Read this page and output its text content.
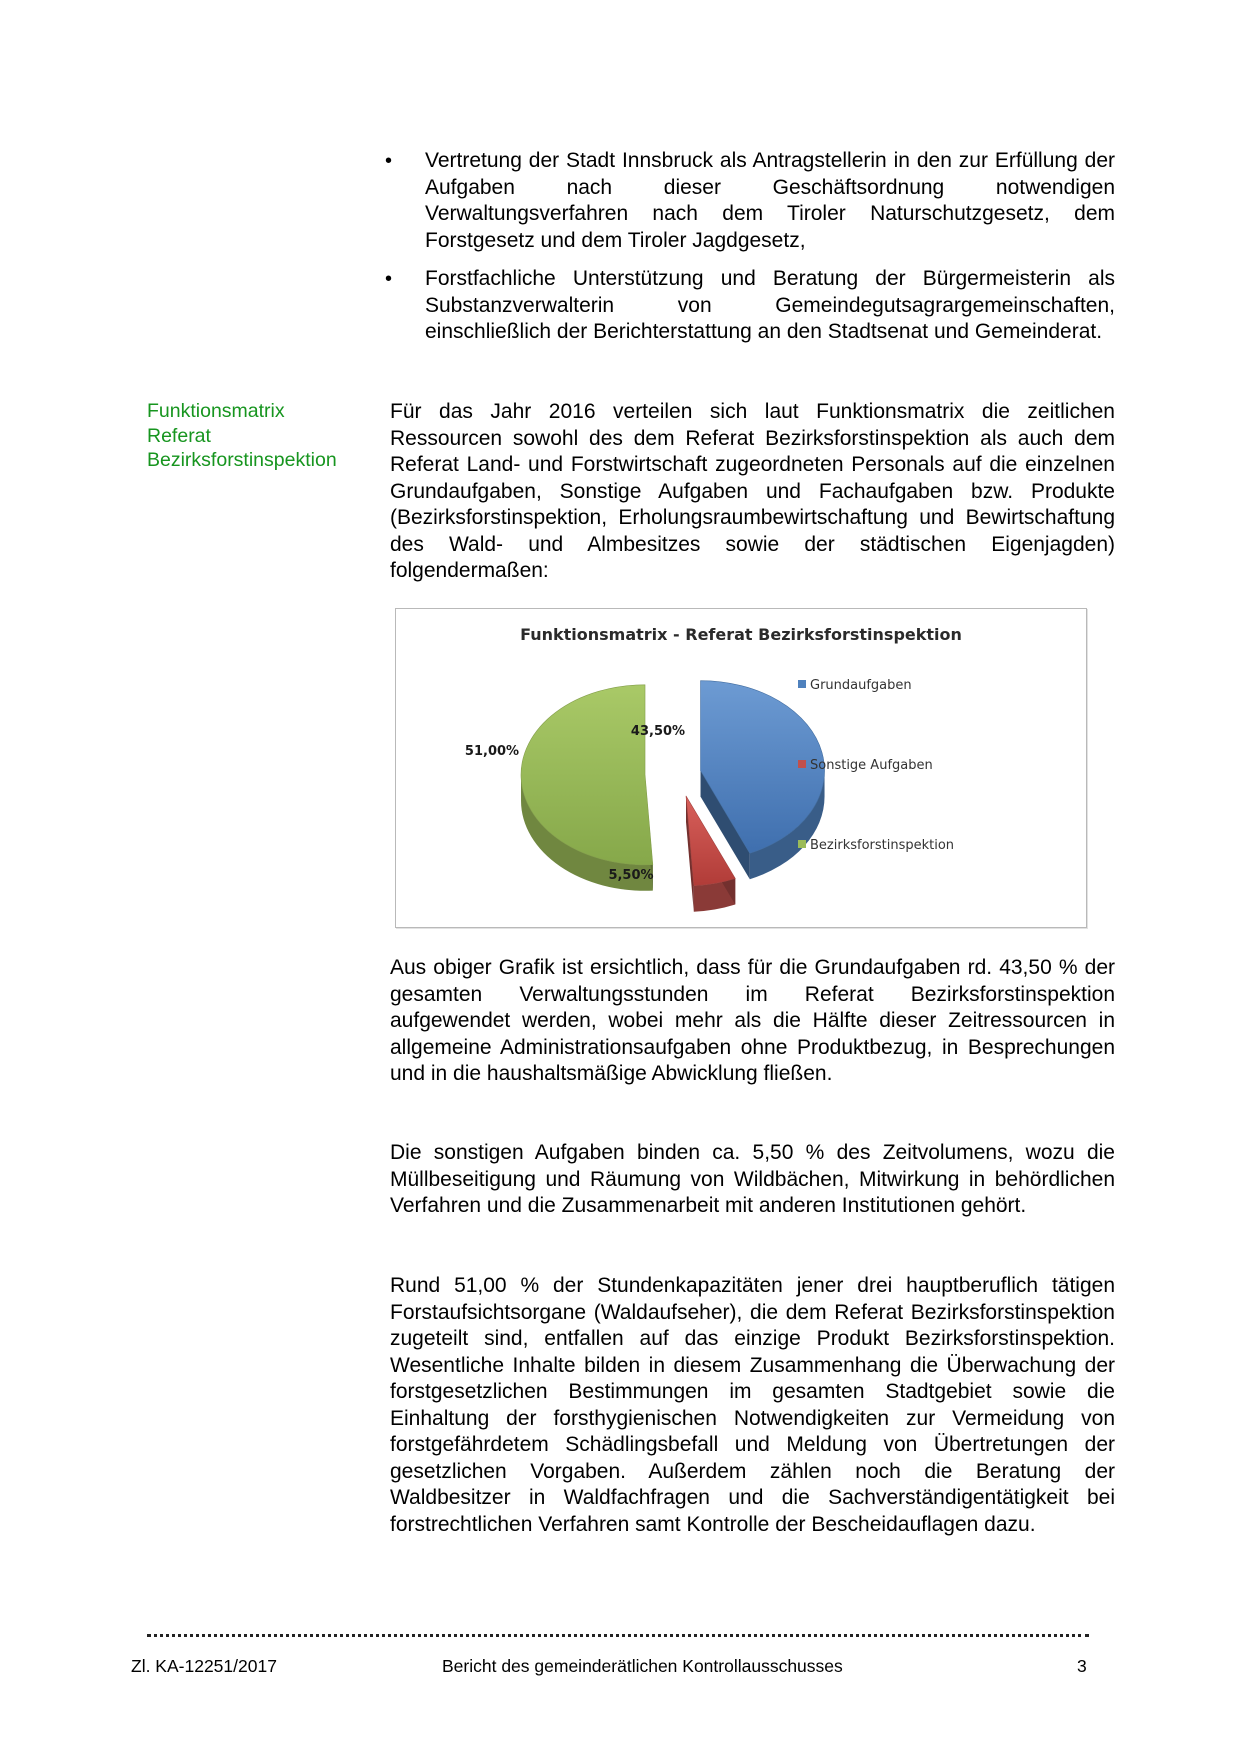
• Vertretung der Stadt Innsbruck als Antragstellerin in den zur Erfüllung der Aufgaben nach dieser Geschäftsordnung notwendigen Verwaltungsverfahren nach dem Tiroler Naturschutzgesetz, dem Forstgesetz und dem Tiroler Jagdgesetz,
• Forstfachliche Unterstützung und Beratung der Bürgermeisterin als Substanzverwalterin von Gemeindegutsagrargemeinschaften, einschließlich der Berichterstattung an den Stadtsenat und Gemeinderat.
Funktionsmatrix
Referat
Bezirksforstinspektion

Für das Jahr 2016 verteilen sich laut Funktionsmatrix die zeitlichen Ressourcen sowohl des dem Referat Bezirksforstinspektion als auch dem Referat Land- und Forstwirtschaft zugeordneten Personals auf die einzelnen Grundaufgaben, Sonstige Aufgaben und Fachaufgaben bzw. Produkte (Bezirksforstinspektion, Erholungsraumbewirtschaftung und Bewirtschaftung des Wald- und Almbesitzes sowie der städtischen Eigenjagden) folgendermaßen:

Funktionsmatrix - Referat Bezirksforstinspektion
43,50%
5,50%
51,00%
Grundaufgaben
Sonstige Aufgaben
Bezirksforstinspektion

Aus obiger Grafik ist ersichtlich, dass für die Grundaufgaben rd. 43,50 % der gesamten Verwaltungsstunden im Referat Bezirksforstinspektion aufgewendet werden, wobei mehr als die Hälfte dieser Zeitressourcen in allgemeine Administrationsaufgaben ohne Produktbezug, in Besprechungen und in die haushaltsmäßige Abwicklung fließen.

Die sonstigen Aufgaben binden ca. 5,50 % des Zeitvolumens, wozu die Müllbeseitigung und Räumung von Wildbächen, Mitwirkung in behördlichen Verfahren und die Zusammenarbeit mit anderen Institutionen gehört.

Rund 51,00 % der Stundenkapazitäten jener drei hauptberuflich tätigen Forstaufsichtsorgane (Waldaufseher), die dem Referat Bezirksforstinspektion zugeteilt sind, entfallen auf das einzige Produkt Bezirksforstinspektion. Wesentliche Inhalte bilden in diesem Zusammenhang die Überwachung der forstgesetzlichen Bestimmungen im gesamten Stadtgebiet sowie die Einhaltung der forsthygienischen Notwendigkeiten zur Vermeidung von forstgefährdetem Schädlingsbefall und Meldung von Übertretungen der gesetzlichen Vorgaben. Außerdem zählen noch die Beratung der Waldbesitzer in Waldfachfragen und die Sachverständigentätigkeit bei forstrechtlichen Verfahren samt Kontrolle der Bescheidauflagen dazu.

Zl. KA-12251/2017	Bericht des gemeinderätlichen Kontrollausschusses	3
